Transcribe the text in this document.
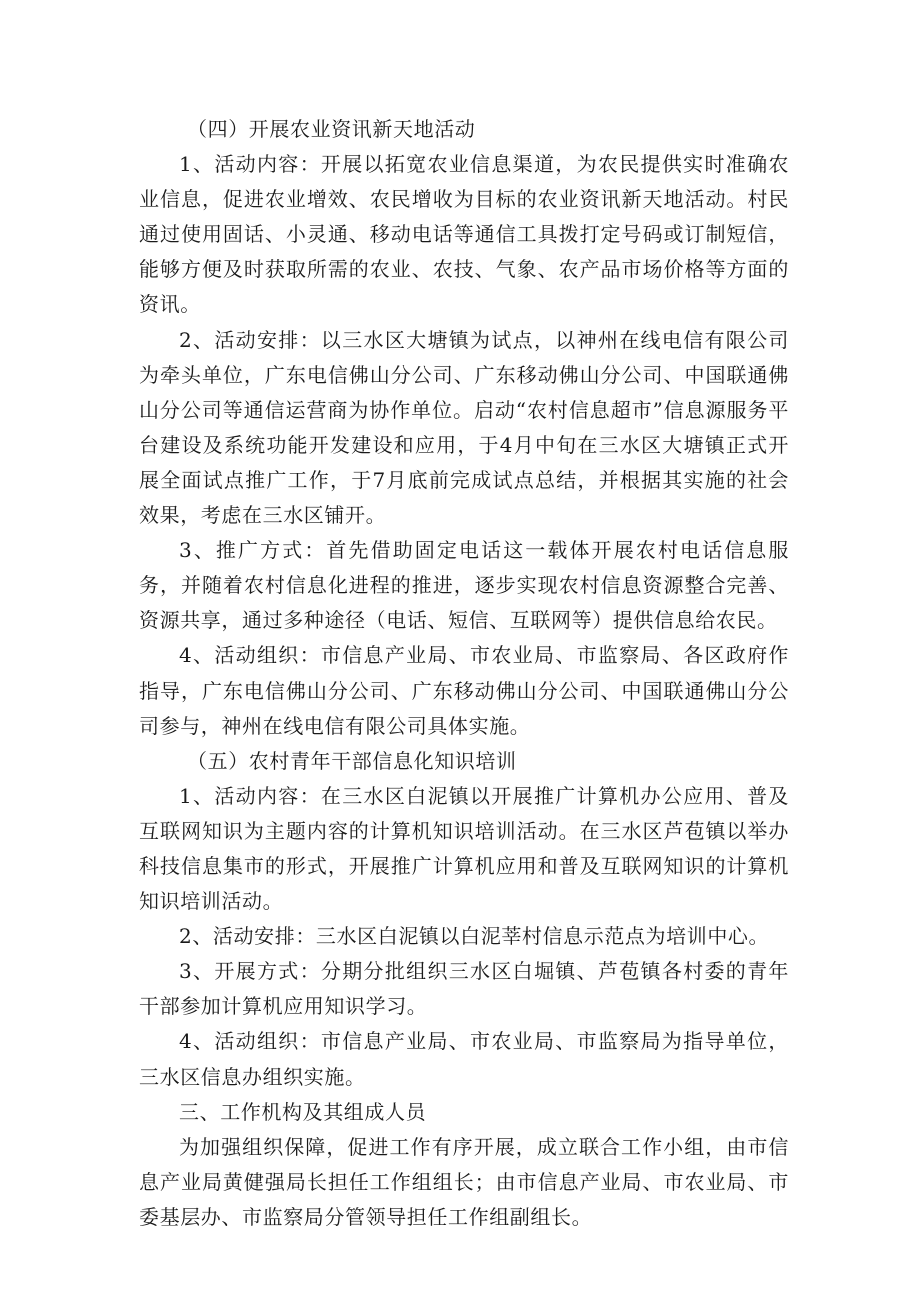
（四）开展农业资讯新天地活动

1、活动内容：开展以拓宽农业信息渠道，为农民提供实时准确农业信息，促进农业增效、农民增收为目标的农业资讯新天地活动。村民通过使用固话、小灵通、移动电话等通信工具拨打定号码或订制短信，能够方便及时获取所需的农业、农技、气象、农产品市场价格等方面的资讯。

2、活动安排：以三水区大塘镇为试点，以神州在线电信有限公司为牵头单位，广东电信佛山分公司、广东移动佛山分公司、中国联通佛山分公司等通信运营商为协作单位。启动“农村信息超市”信息源服务平台建设及系统功能开发建设和应用，于4月中旬在三水区大塘镇正式开展全面试点推广工作，于7月底前完成试点总结，并根据其实施的社会效果，考虑在三水区铺开。

3、推广方式：首先借助固定电话这一载体开展农村电话信息服务，并随着农村信息化进程的推进，逐步实现农村信息资源整合完善、资源共享，通过多种途径（电话、短信、互联网等）提供信息给农民。

4、活动组织：市信息产业局、市农业局、市监察局、各区政府作指导，广东电信佛山分公司、广东移动佛山分公司、中国联通佛山分公司参与，神州在线电信有限公司具体实施。

（五）农村青年干部信息化知识培训

1、活动内容：在三水区白泥镇以开展推广计算机办公应用、普及互联网知识为主题内容的计算机知识培训活动。在三水区芦苞镇以举办科技信息集市的形式，开展推广计算机应用和普及互联网知识的计算机知识培训活动。

2、活动安排：三水区白泥镇以白泥莘村信息示范点为培训中心。

3、开展方式：分期分批组织三水区白堀镇、芦苞镇各村委的青年干部参加计算机应用知识学习。

4、活动组织：市信息产业局、市农业局、市监察局为指导单位，三水区信息办组织实施。

三、工作机构及其组成人员

为加强组织保障，促进工作有序开展，成立联合工作小组，由市信息产业局黄健强局长担任工作组组长；由市信息产业局、市农业局、市委基层办、市监察局分管领导担任工作组副组长。
